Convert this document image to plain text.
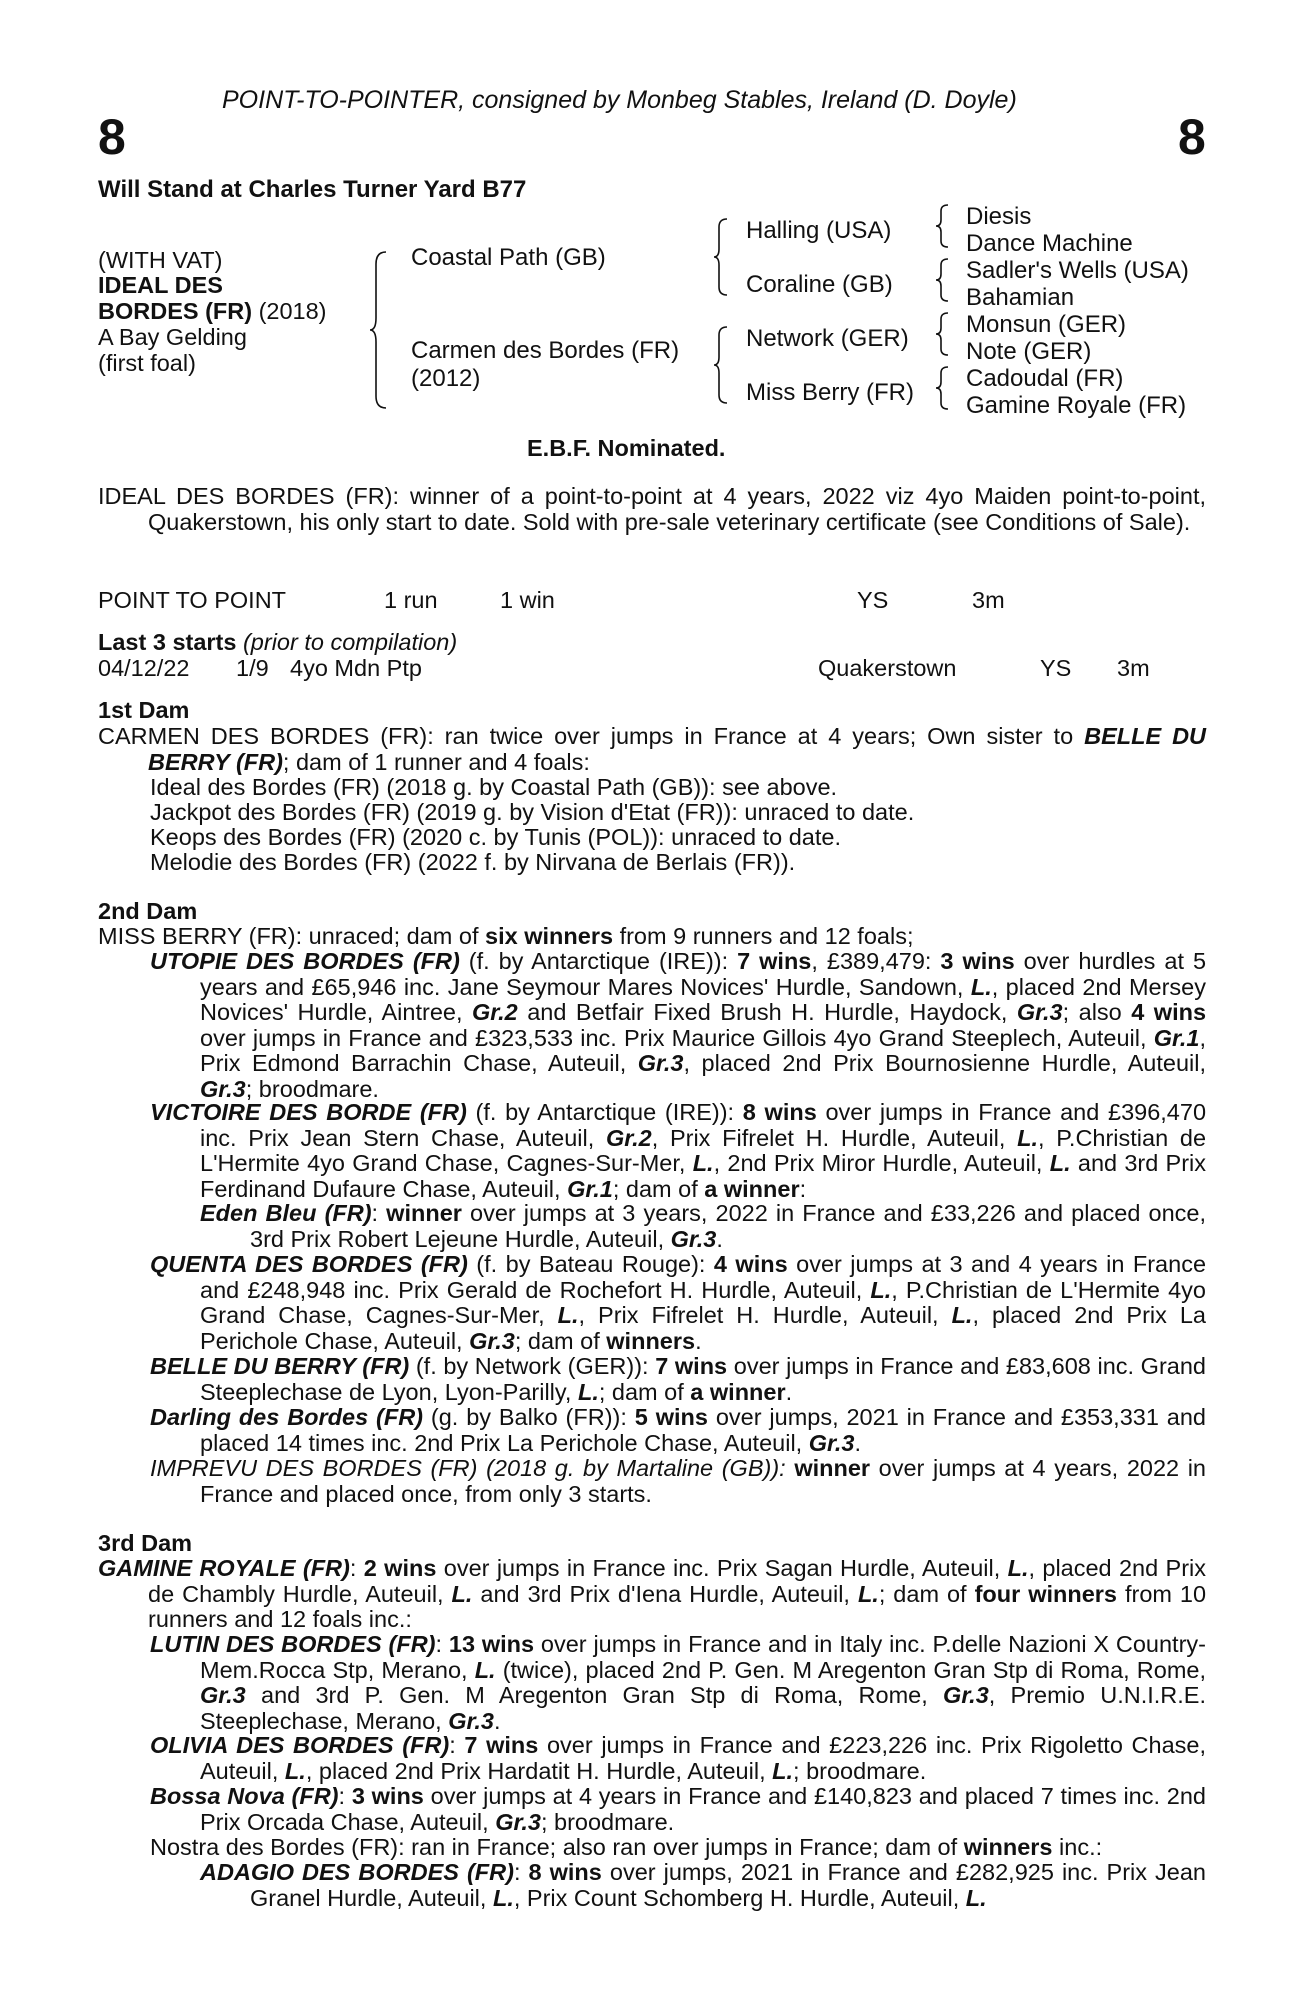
POINT-TO-POINTER, consigned by Monbeg Stables, Ireland (D. Doyle)
8	8
Will Stand at Charles Turner Yard B77
(WITH VAT)
IDEAL DES
BORDES (FR) (2018)
A Bay Gelding
(first foal)
Coastal Path (GB)
Carmen des Bordes (FR)
(2012)
Halling (USA)
Coraline (GB)
Network (GER)
Miss Berry (FR)
Diesis
Dance Machine
Sadler's Wells (USA)
Bahamian
Monsun (GER)
Note (GER)
Cadoudal (FR)
Gamine Royale (FR)
E.B.F. Nominated.
IDEAL DES BORDES (FR): winner of a point-to-point at 4 years, 2022 viz 4yo Maiden point-to-point, Quakerstown, his only start to date. Sold with pre-sale veterinary certificate (see Conditions of Sale).
POINT TO POINT	1 run	1 win	YS	3m
Last 3 starts (prior to compilation)
04/12/22 1/9 4yo Mdn Ptp	Quakerstown	YS 3m
1st Dam
CARMEN DES BORDES (FR): ran twice over jumps in France at 4 years; Own sister to BELLE DU BERRY (FR); dam of 1 runner and 4 foals:
Ideal des Bordes (FR) (2018 g. by Coastal Path (GB)): see above.
Jackpot des Bordes (FR) (2019 g. by Vision d'Etat (FR)): unraced to date.
Keops des Bordes (FR) (2020 c. by Tunis (POL)): unraced to date.
Melodie des Bordes (FR) (2022 f. by Nirvana de Berlais (FR)).
2nd Dam
MISS BERRY (FR): unraced; dam of six winners from 9 runners and 12 foals;
UTOPIE DES BORDES (FR) (f. by Antarctique (IRE)): 7 wins, £389,479: 3 wins over hurdles at 5 years and £65,946 inc. Jane Seymour Mares Novices' Hurdle, Sandown, L., placed 2nd Mersey Novices' Hurdle, Aintree, Gr.2 and Betfair Fixed Brush H. Hurdle, Haydock, Gr.3; also 4 wins over jumps in France and £323,533 inc. Prix Maurice Gillois 4yo Grand Steeplech, Auteuil, Gr.1, Prix Edmond Barrachin Chase, Auteuil, Gr.3, placed 2nd Prix Bournosienne Hurdle, Auteuil, Gr.3; broodmare.
VICTOIRE DES BORDE (FR) (f. by Antarctique (IRE)): 8 wins over jumps in France and £396,470 inc. Prix Jean Stern Chase, Auteuil, Gr.2, Prix Fifrelet H. Hurdle, Auteuil, L., P.Christian de L'Hermite 4yo Grand Chase, Cagnes-Sur-Mer, L., 2nd Prix Miror Hurdle, Auteuil, L. and 3rd Prix Ferdinand Dufaure Chase, Auteuil, Gr.1; dam of a winner:
Eden Bleu (FR): winner over jumps at 3 years, 2022 in France and £33,226 and placed once, 3rd Prix Robert Lejeune Hurdle, Auteuil, Gr.3.
QUENTA DES BORDES (FR) (f. by Bateau Rouge): 4 wins over jumps at 3 and 4 years in France and £248,948 inc. Prix Gerald de Rochefort H. Hurdle, Auteuil, L., P.Christian de L'Hermite 4yo Grand Chase, Cagnes-Sur-Mer, L., Prix Fifrelet H. Hurdle, Auteuil, L., placed 2nd Prix La Perichole Chase, Auteuil, Gr.3; dam of winners.
BELLE DU BERRY (FR) (f. by Network (GER)): 7 wins over jumps in France and £83,608 inc. Grand Steeplechase de Lyon, Lyon-Parilly, L.; dam of a winner.
Darling des Bordes (FR) (g. by Balko (FR)): 5 wins over jumps, 2021 in France and £353,331 and placed 14 times inc. 2nd Prix La Perichole Chase, Auteuil, Gr.3.
IMPREVU DES BORDES (FR) (2018 g. by Martaline (GB)): winner over jumps at 4 years, 2022 in France and placed once, from only 3 starts.
3rd Dam
GAMINE ROYALE (FR): 2 wins over jumps in France inc. Prix Sagan Hurdle, Auteuil, L., placed 2nd Prix de Chambly Hurdle, Auteuil, L. and 3rd Prix d'Iena Hurdle, Auteuil, L.; dam of four winners from 10 runners and 12 foals inc.:
LUTIN DES BORDES (FR): 13 wins over jumps in France and in Italy inc. P.delle Nazioni X Country-Mem.Rocca Stp, Merano, L. (twice), placed 2nd P. Gen. M Aregenton Gran Stp di Roma, Rome, Gr.3 and 3rd P. Gen. M Aregenton Gran Stp di Roma, Rome, Gr.3, Premio U.N.I.R.E. Steeplechase, Merano, Gr.3.
OLIVIA DES BORDES (FR): 7 wins over jumps in France and £223,226 inc. Prix Rigoletto Chase, Auteuil, L., placed 2nd Prix Hardatit H. Hurdle, Auteuil, L.; broodmare.
Bossa Nova (FR): 3 wins over jumps at 4 years in France and £140,823 and placed 7 times inc. 2nd Prix Orcada Chase, Auteuil, Gr.3; broodmare.
Nostra des Bordes (FR): ran in France; also ran over jumps in France; dam of winners inc.:
ADAGIO DES BORDES (FR): 8 wins over jumps, 2021 in France and £282,925 inc. Prix Jean Granel Hurdle, Auteuil, L., Prix Count Schomberg H. Hurdle, Auteuil, L.
